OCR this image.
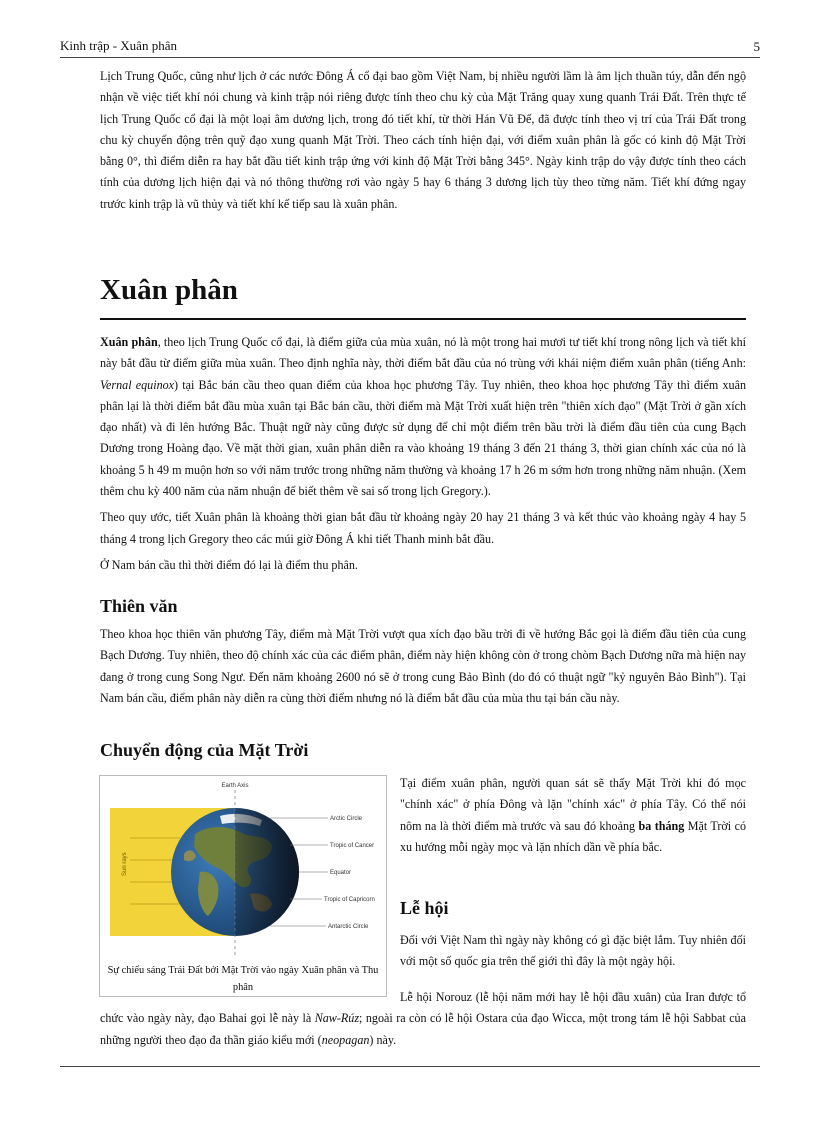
Kinh trập - Xuân phân	5

Lịch Trung Quốc, cũng như lịch ở các nước Đông Á cổ đại bao gồm Việt Nam, bị nhiều người lầm là âm lịch thuần túy, dẫn đến ngộ nhận về việc tiết khí nói chung và kinh trập nói riêng được tính theo chu kỳ của Mặt Trăng quay xung quanh Trái Đất. Trên thực tế lịch Trung Quốc cổ đại là một loại âm dương lịch, trong đó tiết khí, từ thời Hán Vũ Đế, đã được tính theo vị trí của Trái Đất trong chu kỳ chuyển động trên quỹ đạo xung quanh Mặt Trời. Theo cách tính hiện đại, với điểm xuân phân là gốc có kinh độ Mặt Trời bằng 0°, thì điểm diễn ra hay bắt đầu tiết kinh trập ứng với kinh độ Mặt Trời bằng 345°. Ngày kinh trập do vậy được tính theo cách tính của dương lịch hiện đại và nó thông thường rơi vào ngày 5 hay 6 tháng 3 dương lịch tùy theo từng năm. Tiết khí đứng ngay trước kinh trập là vũ thủy và tiết khí kế tiếp sau là xuân phân.

Xuân phân

Xuân phân, theo lịch Trung Quốc cổ đại, là điểm giữa của mùa xuân, nó là một trong hai mươi tư tiết khí trong nông lịch và tiết khí này bắt đầu từ điểm giữa mùa xuân. Theo định nghĩa này, thời điểm bắt đầu của nó trùng với khái niệm điểm xuân phân (tiếng Anh: Vernal equinox) tại Bắc bán cầu theo quan điểm của khoa học phương Tây. Tuy nhiên, theo khoa học phương Tây thì điểm xuân phân lại là thời điểm bắt đầu mùa xuân tại Bắc bán cầu, thời điểm mà Mặt Trời xuất hiện trên "thiên xích đạo" (Mặt Trời ở gần xích đạo nhất) và đi lên hướng Bắc. Thuật ngữ này cũng được sử dụng để chỉ một điểm trên bầu trời là điểm đầu tiên của cung Bạch Dương trong Hoàng đạo. Về mặt thời gian, xuân phân diễn ra vào khoảng 19 tháng 3 đến 21 tháng 3, thời gian chính xác của nó là khoảng 5 h 49 m muộn hơn so với năm trước trong những năm thường và khoảng 17 h 26 m sớm hơn trong những năm nhuận. (Xem thêm chu kỳ 400 năm của năm nhuận để biết thêm về sai số trong lịch Gregory.).

Theo quy ước, tiết Xuân phân là khoảng thời gian bắt đầu từ khoảng ngày 20 hay 21 tháng 3 và kết thúc vào khoảng ngày 4 hay 5 tháng 4 trong lịch Gregory theo các múi giờ Đông Á khi tiết Thanh minh bắt đầu.

Ở Nam bán cầu thì thời điểm đó lại là điểm thu phân.

Thiên văn

Theo khoa học thiên văn phương Tây, điểm mà Mặt Trời vượt qua xích đạo bầu trời đi về hướng Bắc gọi là điểm đầu tiên của cung Bạch Dương. Tuy nhiên, theo độ chính xác của các điểm phân, điểm này hiện không còn ở trong chòm Bạch Dương nữa mà hiện nay đang ở trong cung Song Ngư. Đến năm khoảng 2600 nó sẽ ở trong cung Bảo Bình (do đó có thuật ngữ "kỷ nguyên Bảo Bình"). Tại Nam bán cầu, điểm phân này diễn ra cùng thời điểm nhưng nó là điểm bắt đầu của mùa thu tại bán cầu này.

Chuyển động của Mặt Trời
Sun rays
Earth Axis
Arctic Circle
Tropic of Cancer
Equator
Tropic of Capricorn
Antarctic Circle
Sự chiếu sáng Trái Đất bởi Mặt Trời vào ngày Xuân phân và Thu phân

Tại điểm xuân phân, người quan sát sẽ thấy Mặt Trời khi đó mọc "chính xác" ở phía Đông và lặn "chính xác" ở phía Tây. Có thể nói nôm na là thời điểm mà trước và sau đó khoảng ba tháng Mặt Trời có xu hướng mỗi ngày mọc và lặn nhích dần về phía bắc.

Lễ hội

Đối với Việt Nam thì ngày này không có gì đặc biệt lắm. Tuy nhiên đối với một số quốc gia trên thế giới thì đây là một ngày hội.

Lễ hội Norouz (lễ hội năm mới hay lễ hội đầu xuân) của Iran được tổ chức vào ngày này, đạo Bahai gọi lễ này là Naw-Rúz; ngoài ra còn có lễ hội Ostara của đạo Wicca, một trong tám lễ hội Sabbat của những người theo đạo đa thần giáo kiểu mới (neopagan) này.
